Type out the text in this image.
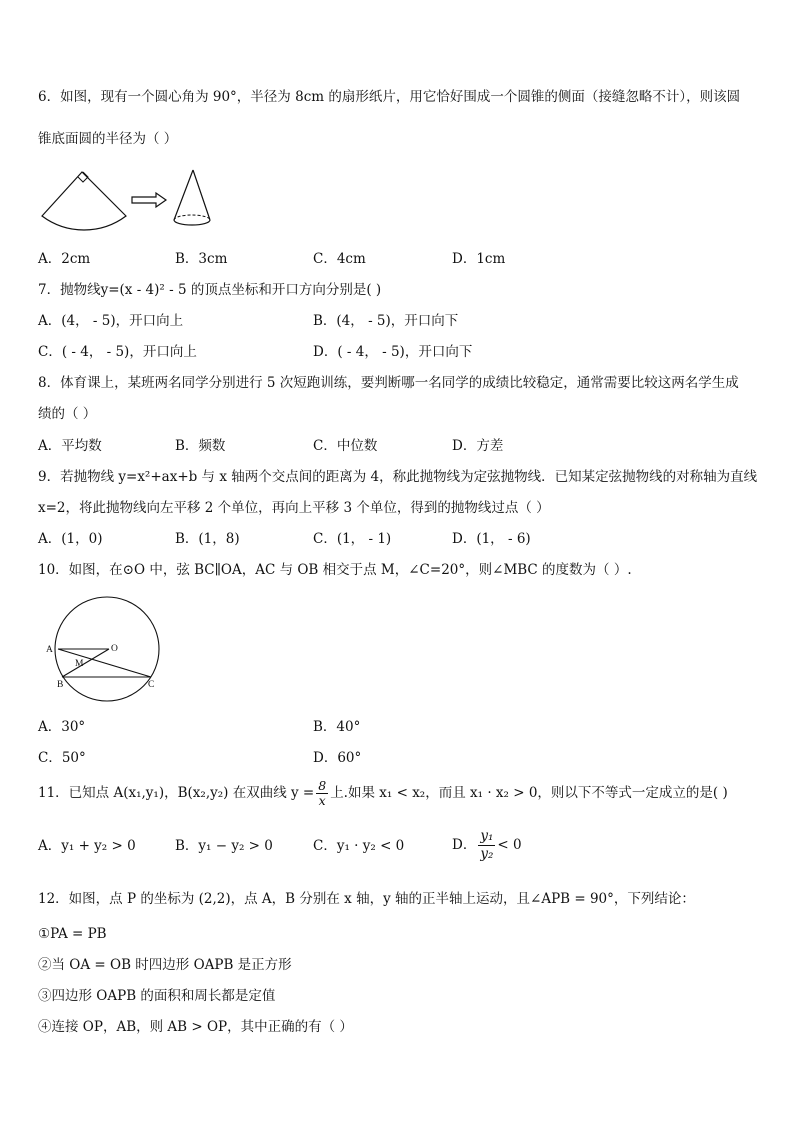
6．如图，现有一个圆心角为 90°，半径为 8cm 的扇形纸片，用它恰好围成一个圆锥的侧面（接缝忽略不计），则该圆
锥底面圆的半径为（ ）
A．2cm	B．3cm	C．4cm	D．1cm
7．抛物线y=(x - 4)² - 5 的顶点坐标和开口方向分别是( )
A．(4， - 5)，开口向上	B．(4， - 5)，开口向下
C．( - 4， - 5)，开口向上	D．( - 4， - 5)，开口向下
8．体育课上，某班两名同学分别进行 5 次短跑训练，要判断哪一名同学的成绩比较稳定，通常需要比较这两名学生成
绩的（ ）
A．平均数	B．频数	C．中位数	D．方差
9．若抛物线 y=x²+ax+b 与 x 轴两个交点间的距离为 4，称此抛物线为定弦抛物线．已知某定弦抛物线的对称轴为直线
x=2，将此抛物线向左平移 2 个单位，再向上平移 3 个单位，得到的抛物线过点（ ）
A．(1，0)	B．(1，8)	C．(1， - 1)	D．(1， - 6)
10．如图，在⊙O 中，弦 BC∥OA，AC 与 OB 相交于点 M，∠C=20°，则∠MBC 的度数为（ ）.
A	O
M
B	C
A．30°	B．40°
C．50°	D．60°
11．已知点 A(x₁,y₁)，B(x₂,y₂) 在双曲线 $y = \frac{8}{x}$ 上.如果 x₁ < x₂，而且 x₁ · x₂ > 0，则以下不等式一定成立的是( )
A．y₁ + y₂ > 0	B．y₁ − y₂ > 0	C．y₁ · y₂ < 0	D． $\frac{\text{y₁}}{\text{y₂}} < 0$
12．如图，点 P 的坐标为 (2,2)，点 A，B 分别在 x 轴，y 轴的正半轴上运动，且∠APB = 90°，下列结论：
①PA = PB
②当 OA = OB 时四边形 OAPB 是正方形
③四边形 OAPB 的面积和周长都是定值
④连接 OP，AB，则 AB > OP，其中正确的有（ ）
